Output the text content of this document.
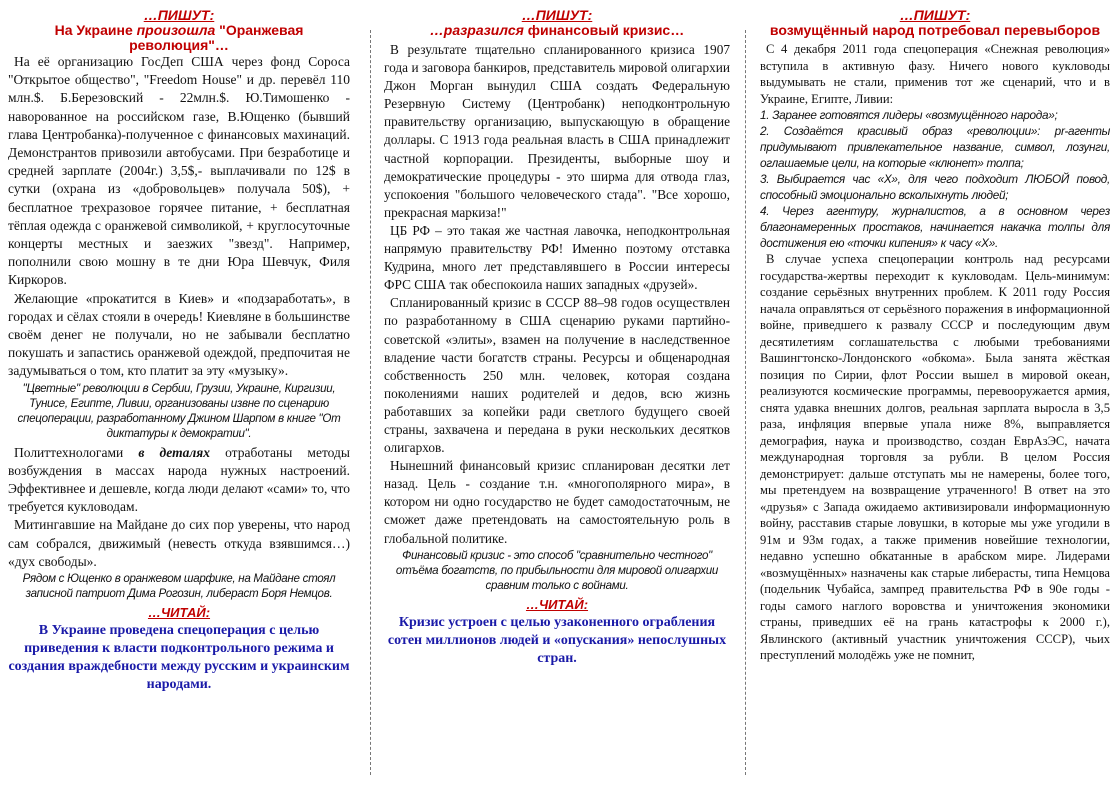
…ПИШУТ:
На Украине произошла "Оранжевая революция"…

На её организацию ГосДеп США через фонд Сороса "Открытое общество", "Freedom House" и др. перевёл 110 млн.$. Б.Березовский - 22млн.$. Ю.Тимошенко - наворованное на российском газе, В.Ющенко (бывший глава Центробанка)-полученное с финансовых махинаций. Демонстрантов привозили автобусами. При безработице и средней зарплате (2004г.) 3,5$,- выплачивали по 12$ в сутки (охрана из «добровольцев» получала 50$), + бесплатное трехразовое горячее питание, + бесплатная тёплая одежда с оранжевой символикой, + круглосуточные концерты местных и заезжих "звезд". Например, пополнили свою мошну в те дни Юра Шевчук, Филя Киркоров.

Желающие «прокатится в Киев» и «подзаработать», в городах и сёлах стояли в очередь! Киевляне в большинстве своём денег не получали, но не забывали бесплатно покушать и запастись оранжевой одеждой, предпочитая не задумываться о том, кто платит за эту «музыку».

"Цветные" революции в Сербии, Грузии, Украине, Киргизии, Тунисе, Египте, Ливии, организованы извне по сценарию спецоперации, разработанному Джином Шарпом в книге "От диктатуры к демократии".

Политтехнологами в деталях отработаны методы возбуждения в массах народа нужных настроений. Эффективнее и дешевле, когда люди делают «сами» то, что требуется кукловодам.

Митингавшие на Майдане до сих пор уверены, что народ сам собрался, движимый (невесть откуда взявшимся…) «дух свободы».

Рядом с Ющенко в оранжевом шарфике, на Майдане стоял записной патриот Дима Рогозин, либераст Боря Немцов.

…ЧИТАЙ:
В Украине проведена спецоперация с целью приведения к власти подконтрольного режима и создания враждебности между русским и украинским народами.
…ПИШУТ:
…разразился финансовый кризис…

В результате тщательно спланированного кризиса 1907 года и заговора банкиров, представитель мировой олигархии Джон Морган вынудил США создать Федеральную Резервную Систему (Центробанк) неподконтрольную правительству организацию, выпускающую в обращение доллары. С 1913 года реальная власть в США принадлежит частной корпорации. Президенты, выборные шоу и демократические процедуры - это ширма для отвода глаз, успокоения "большого человеческого стада". "Все хорошо, прекрасная маркиза!"

ЦБ РФ – это такая же частная лавочка, неподконтрольная напрямую правительству РФ! Именно поэтому отставка Кудрина, много лет представлявшего в России интересы ФРС США так обеспокоила наших западных «друзей».

Спланированный кризис в СССР 88–98 годов осуществлен по разработанному в США сценарию руками партийно-советской «элиты», взамен на получение в наследственное владение части богатств страны. Ресурсы и общенародная собственность 250 млн. человек, которая создана поколениями наших родителей и дедов, всю жизнь работавших за копейки ради светлого будущего своей страны, захвачена и передана в руки нескольких десятков олигархов.

Нынешний финансовый кризис спланирован десятки лет назад. Цель - создание т.н. «многополярного мира», в котором ни одно государство не будет самодостаточным, не сможет даже претендовать на самостоятельную роль в глобальной политике.

Финансовый кризис - это способ "сравнительно честного" отъёма богатств, по прибыльности для мировой олигархии сравним только с войнами.

…ЧИТАЙ:
Кризис устроен с целью узаконенного ограбления сотен миллионов людей и «опускания» непослушных стран.
…ПИШУТ:
возмущённый народ потребовал перевыборов

С 4 декабря 2011 года спецоперация «Снежная революция» вступила в активную фазу. Ничего нового кукловоды выдумывать не стали, применив тот же сценарий, что и в Украине, Египте, Ливии:

1. Заранее готовятся лидеры «возмущённого народа»;

2. Создаётся красивый образ «революции»: pr-агенты придумывают привлекательное название, символ, лозунги, оглашаемые цели, на которые «клюнет» толпа;

3. Выбирается час «Х», для чего подходит ЛЮБОЙ повод, способный эмоционально всколыхнуть людей;

4. Через агентуру, журналистов, а в основном через благонамеренных простаков, начинается накачка толпы для достижения ею «точки кипения» к часу «Х».

В случае успеха спецоперации контроль над ресурсами государства-жертвы переходит к кукловодам. Цель-минимум: создание серьёзных внутренних проблем. К 2011 году Россия начала оправляться от серьёзного поражения в информационной войне, приведшего к развалу СССР и последующим двум десятилетиям соглашательства с любыми требованиями Вашингтонско-Лондонского «обкома». Была занята жёсткая позиция по Сирии, флот России вышел в мировой океан, реализуются космические программы, перевооружается армия, снята удавка внешних долгов, реальная зарплата выросла в 3,5 раза, инфляция впервые упала ниже 8%, выправляется демография, наука и производство, создан ЕврАзЭС, начата международная торговля за рубли. В целом Россия демонстрирует: дальше отступать мы не намерены, более того, мы претендуем на возвращение утраченного! В ответ на это «друзья» с Запада ожидаемо активизировали информационную войну, расставив старые ловушки, в которые мы уже угодили в 91м и 93м годах, а также применив новейшие технологии, недавно успешно обкатанные в арабском мире. Лидерами «возмущённых» назначены как старые либерасты, типа Немцова (подельник Чубайса, зампред правительства РФ в 90е годы - годы самого наглого воровства и уничтожения экономики страны, приведших её на грань катастрофы к 2000 г.), Явлинского (активный участник уничтожения СССР), чьих преступлений молодёжь уже не помнит,
